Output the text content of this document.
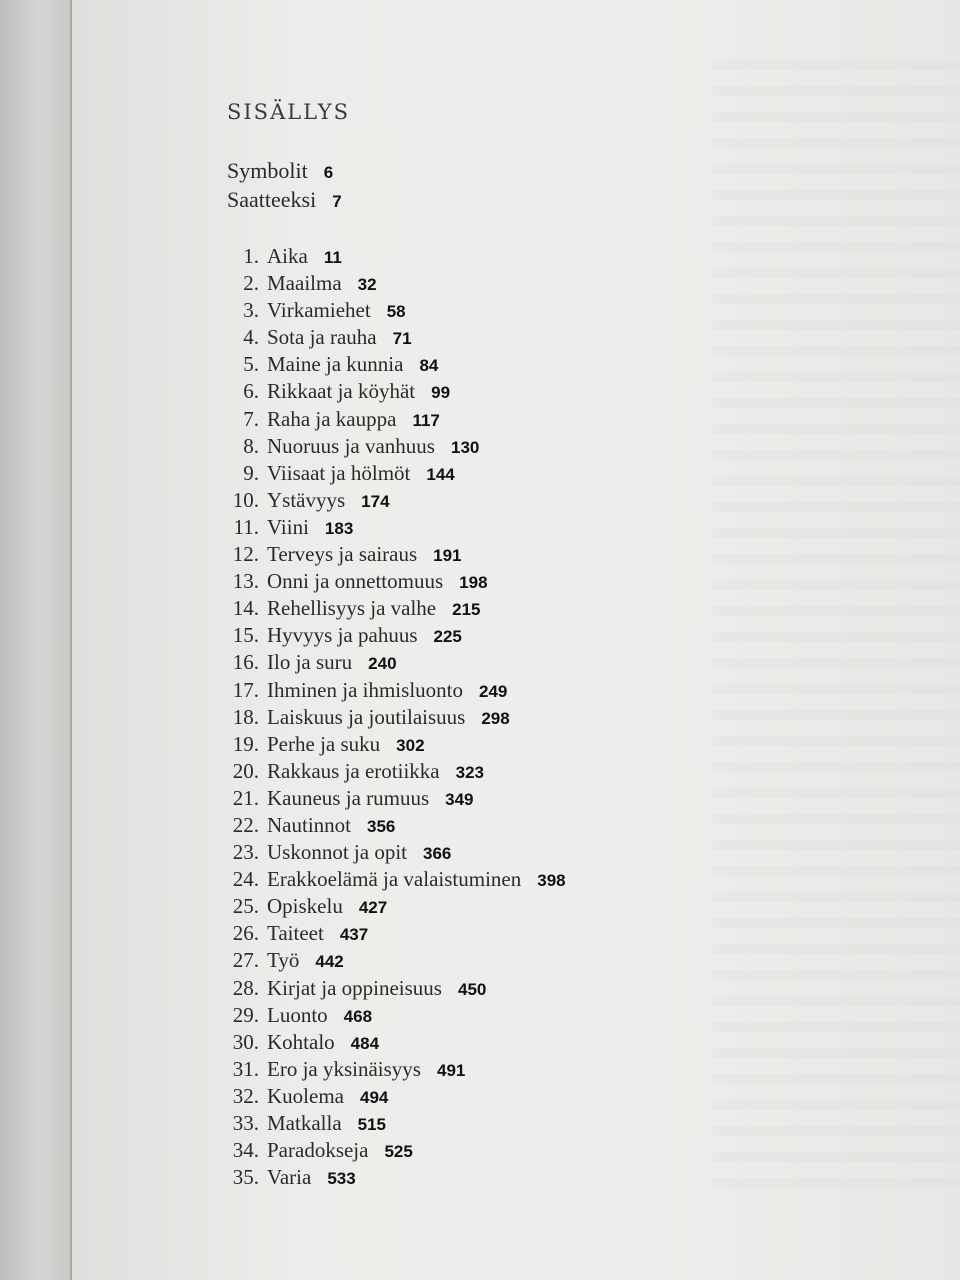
SISÄLLYS
Symbolit 6
Saatteeksi 7
1. Aika 11
2. Maailma 32
3. Virkamiehet 58
4. Sota ja rauha 71
5. Maine ja kunnia 84
6. Rikkaat ja köyhät 99
7. Raha ja kauppa 117
8. Nuoruus ja vanhuus 130
9. Viisaat ja hölmöt 144
10. Ystävyys 174
11. Viini 183
12. Terveys ja sairaus 191
13. Onni ja onnettomuus 198
14. Rehellisyys ja valhe 215
15. Hyvyys ja pahuus 225
16. Ilo ja suru 240
17. Ihminen ja ihmisluonto 249
18. Laiskuus ja joutilaisuus 298
19. Perhe ja suku 302
20. Rakkaus ja erotiikka 323
21. Kauneus ja rumuus 349
22. Nautinnot 356
23. Uskonnot ja opit 366
24. Erakkoelämä ja valaistuminen 398
25. Opiskelu 427
26. Taiteet 437
27. Työ 442
28. Kirjat ja oppineisuus 450
29. Luonto 468
30. Kohtalo 484
31. Ero ja yksinäisyys 491
32. Kuolema 494
33. Matkalla 515
34. Paradokseja 525
35. Varia 533
